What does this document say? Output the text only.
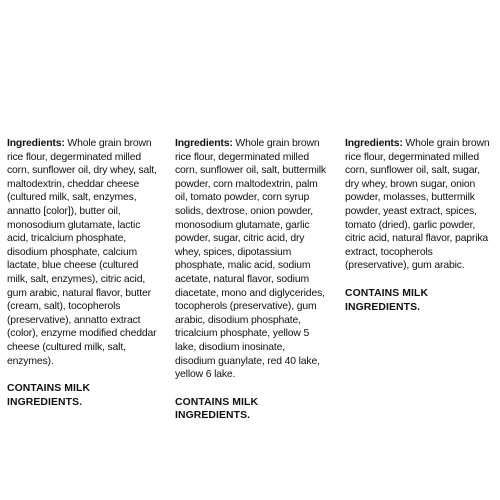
Ingredients: Whole grain brown rice flour, degerminated milled corn, sunflower oil, dry whey, salt, maltodextrin, cheddar cheese (cultured milk, salt, enzymes, annatto [color]), butter oil, monosodium glutamate, lactic acid, tricalcium phosphate, disodium phosphate, calcium lactate, blue cheese (cultured milk, salt, enzymes), citric acid, gum arabic, natural flavor, butter (cream, salt), tocopherols (preservative), annatto extract (color), enzyme modified cheddar cheese (cultured milk, salt, enzymes).

CONTAINS MILK INGREDIENTS.

Ingredients: Whole grain brown rice flour, degerminated milled corn, sunflower oil, salt, buttermilk powder, corn maltodextrin, palm oil, tomato powder, corn syrup solids, dextrose, onion powder, monosodium glutamate, garlic powder, sugar, citric acid, dry whey, spices, dipotassium phosphate, malic acid, sodium acetate, natural flavor, sodium diacetate, mono and diglycerides, tocopherols (preservative), gum arabic, disodium phosphate, tricalcium phosphate, yellow 5 lake, disodium inosinate, disodium guanylate, red 40 lake, yellow 6 lake.

CONTAINS MILK INGREDIENTS.

Ingredients: Whole grain brown rice flour, degerminated milled corn, sunflower oil, salt, sugar, dry whey, brown sugar, onion powder, molasses, buttermilk powder, yeast extract, spices, tomato (dried), garlic powder, citric acid, natural flavor, paprika extract, tocopherols (preservative), gum arabic.

CONTAINS MILK INGREDIENTS.
